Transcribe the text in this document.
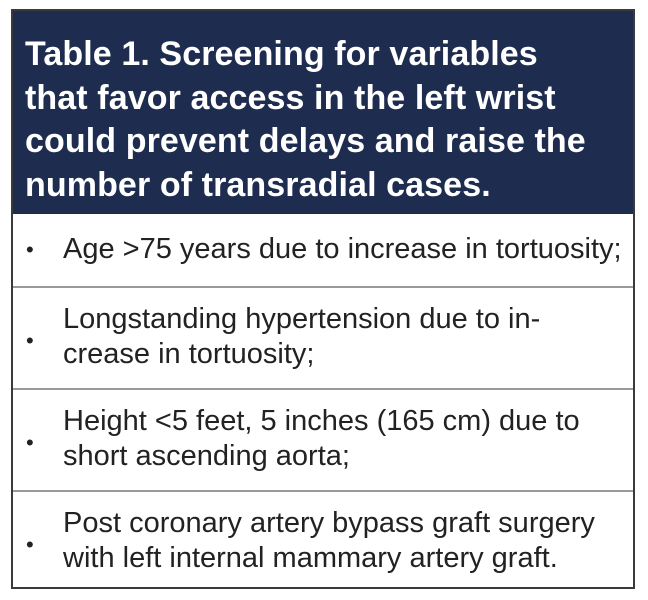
Table 1. Screening for variables
that favor access in the left wrist
could prevent delays and raise the
number of transradial cases.
• Age >75 years due to increase in tortuosity;
•
Longstanding hypertension due to in-
crease in tortuosity;
•
Height <5 feet, 5 inches (165 cm) due to
short ascending aorta;
•
Post coronary artery bypass graft surgery
with left internal mammary artery graft.
